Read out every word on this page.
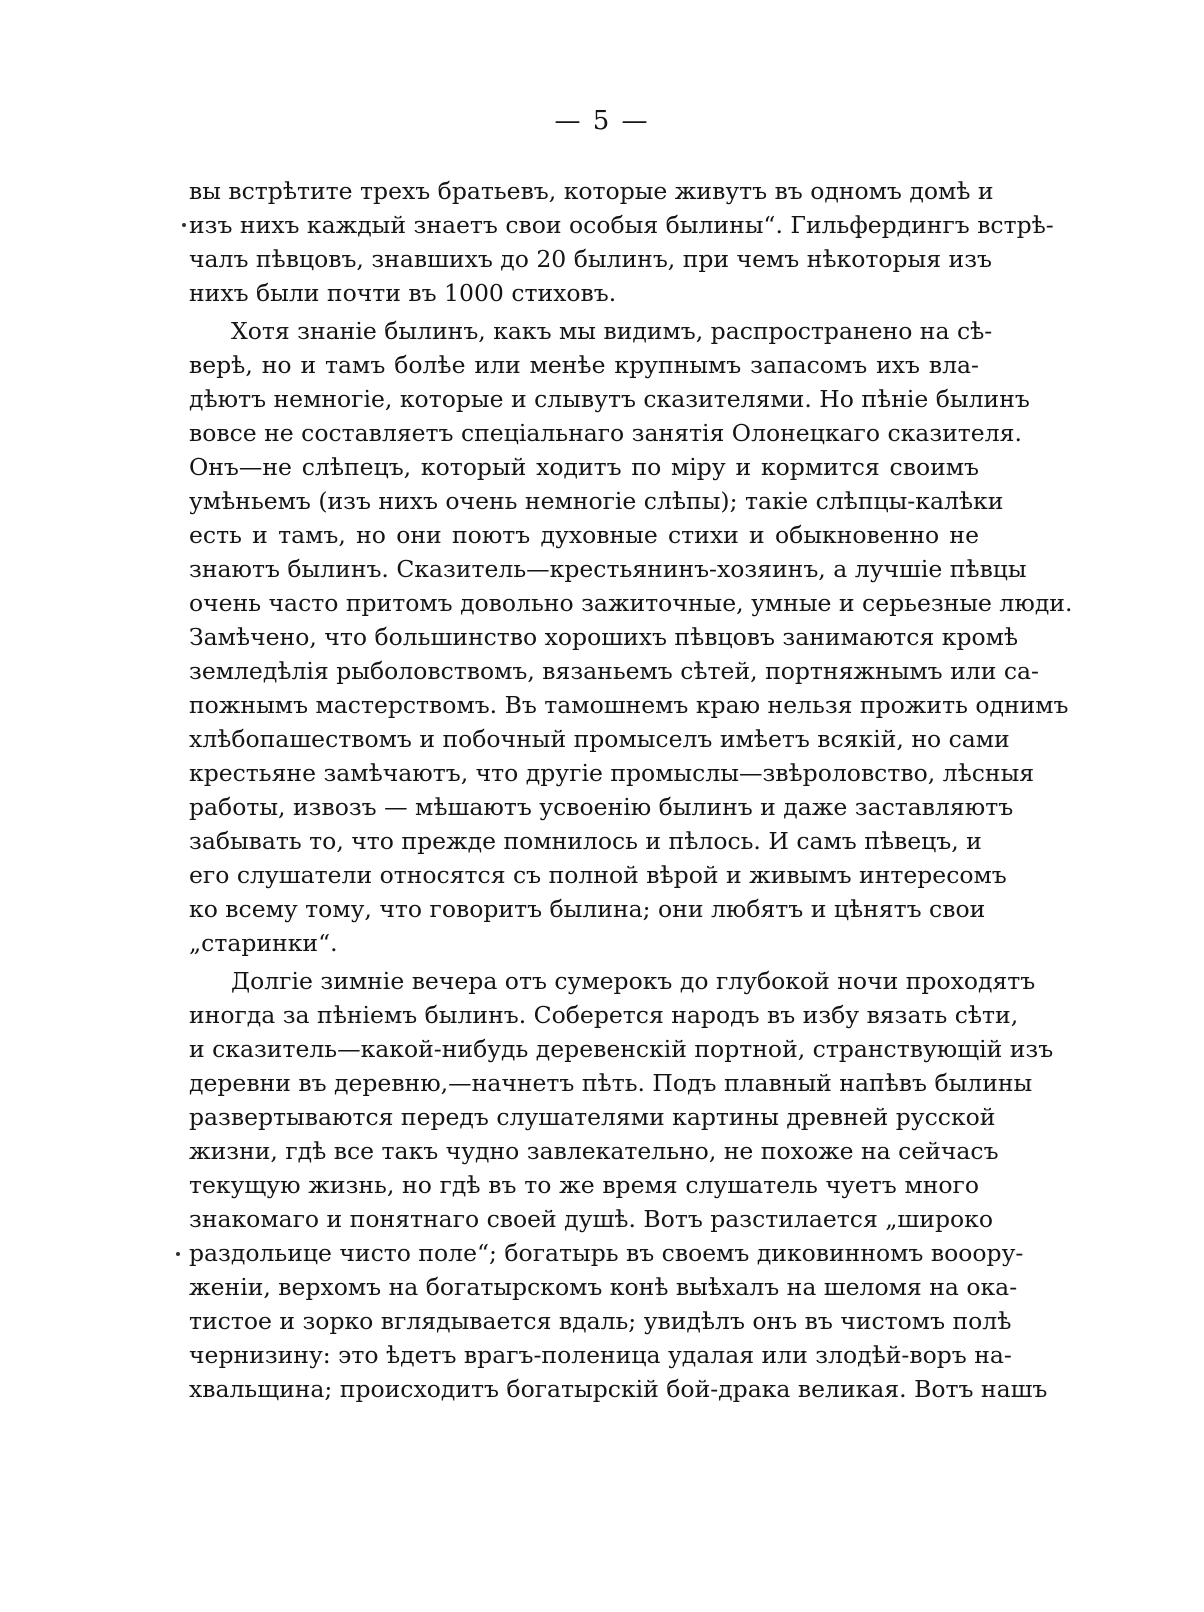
— 5 —
вы встрѣтите трехъ братьевъ, которые живутъ въ одномъ домѣ и
изъ нихъ каждый знаетъ свои особыя былины“. Гильфердингъ встрѣ-
чалъ пѣвцовъ, знавшихъ до 20 былинъ, при чемъ нѣкоторыя изъ
нихъ были почти въ 1000 стиховъ.
Хотя знаніе былинъ, какъ мы видимъ, распространено на сѣ-
верѣ, но и тамъ болѣе или менѣе крупнымъ запасомъ ихъ вла-
дѣютъ немногіе, которые и слывутъ сказителями. Но пѣніе былинъ
вовсе не составляетъ спеціальнаго занятія Олонецкаго сказителя.
Онъ—не слѣпецъ, который ходитъ по міру и кормится своимъ
умѣньемъ (изъ нихъ очень немногіе слѣпы); такіе слѣпцы-калѣки
есть и тамъ, но они поютъ духовные стихи и обыкновенно не
знаютъ былинъ. Сказитель—крестьянинъ-хозяинъ, а лучшіе пѣвцы
очень часто притомъ довольно зажиточные, умные и серьезные люди.
Замѣчено, что большинство хорошихъ пѣвцовъ занимаются кромѣ
земледѣлія рыболовствомъ, вязаньемъ сѣтей, портняжнымъ или са-
пожнымъ мастерствомъ. Въ тамошнемъ краю нельзя прожить однимъ
хлѣбопашествомъ и побочный промыселъ имѣетъ всякій, но сами
крестьяне замѣчаютъ, что другіе промыслы—звѣроловство, лѣсныя
работы, извозъ — мѣшаютъ усвоенію былинъ и даже заставляютъ
забывать то, что прежде помнилось и пѣлось. И самъ пѣвецъ, и
его слушатели относятся съ полной вѣрой и живымъ интересомъ
ко всему тому, что говоритъ былина; они любятъ и цѣнятъ свои
„старинки“.
Долгіе зимніе вечера отъ сумерокъ до глубокой ночи проходятъ
иногда за пѣніемъ былинъ. Соберется народъ въ избу вязать сѣти,
и сказитель—какой-нибудь деревенскій портной, странствующій изъ
деревни въ деревню,—начнетъ пѣть. Подъ плавный напѣвъ былины
развертываются передъ слушателями картины древней русской
жизни, гдѣ все такъ чудно завлекательно, не похоже на сейчасъ
текущую жизнь, но гдѣ въ то же время слушатель чуетъ много
знакомаго и понятнаго своей душѣ. Вотъ разстилается „широко
раздольице чисто поле“; богатырь въ своемъ диковинномъ вооору-
женіи, верхомъ на богатырскомъ конѣ выѣхалъ на шеломя на ока-
тистое и зорко вглядывается вдаль; увидѣлъ онъ въ чистомъ полѣ
чернизину: это ѣдетъ врагъ-поленица удалая или злодѣй-воръ на-
хвальщина; происходитъ богатырскій бой-драка великая. Вотъ нашъ
